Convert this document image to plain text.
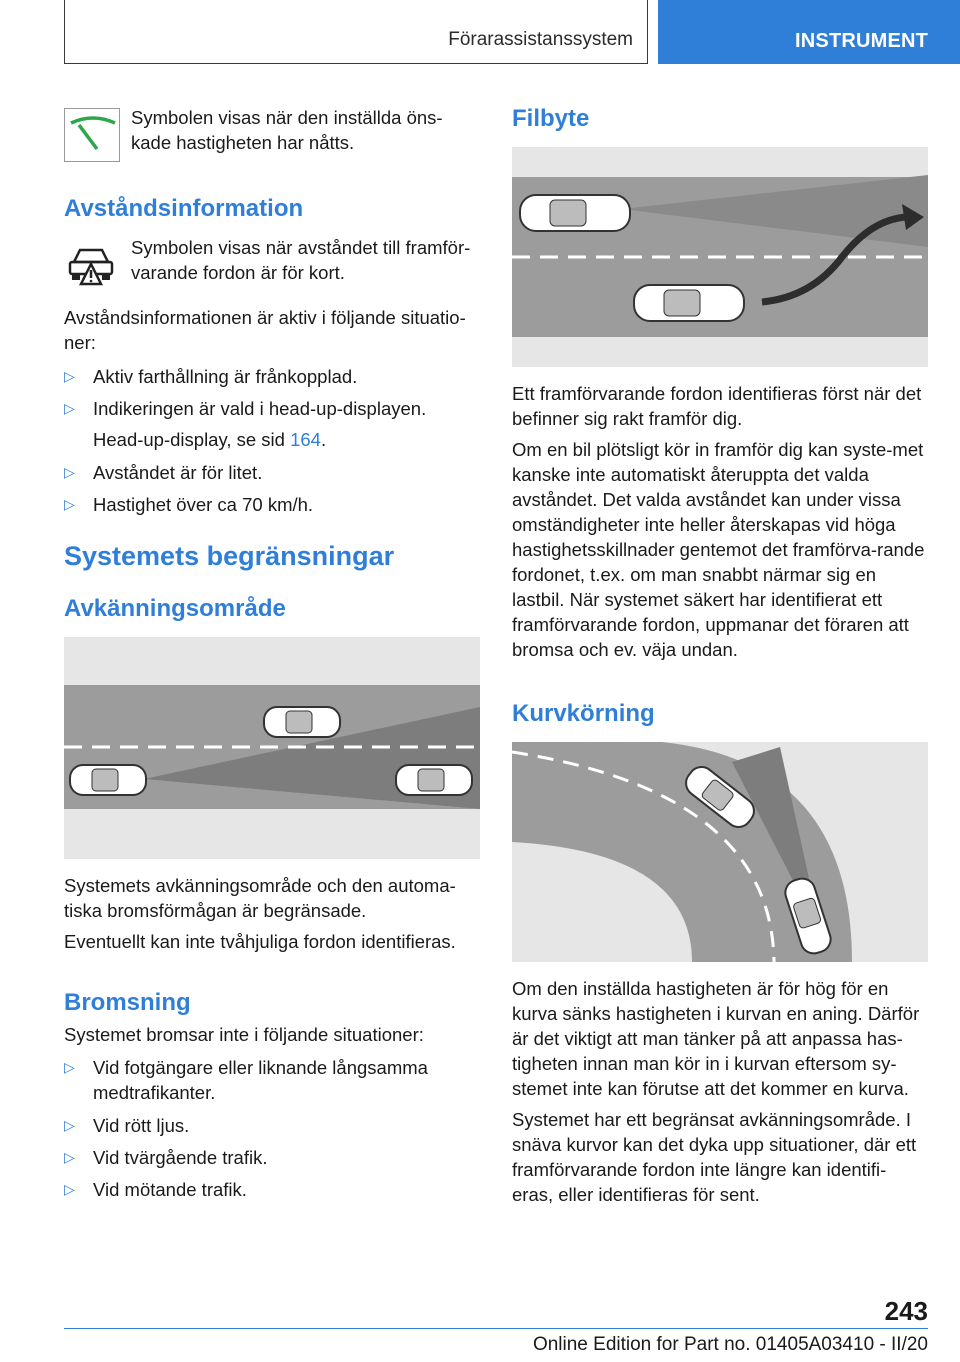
Förarassistanssystem	INSTRUMENT

Symbolen visas när den inställda öns-kade hastigheten har nåtts.

Avståndsinformation

Symbolen visas när avståndet till framför-varande fordon är för kort.

Avståndsinformationen är aktiv i följande situatio-ner:

▷ Aktiv farthållning är frånkopplad.
▷ Indikeringen är vald i head-up-displayen.

Head-up-display, se sid 164.

▷ Avståndet är för litet.
▷ Hastighet över ca 70 km/h.
Systemets begränsningar
Avkänningsområde

Systemets avkänningsområde och den automa-tiska bromsförmågan är begränsade.

Eventuellt kan inte tvåhjuliga fordon identifieras.

Bromsning

Systemet bromsar inte i följande situationer:

▷ Vid fotgängare eller liknande långsamma medtrafikanter.
▷ Vid rött ljus.
▷ Vid tvärgående trafik.
▷ Vid mötande trafik.
Filbyte

Ett framförvarande fordon identifieras först när det befinner sig rakt framför dig.

Om en bil plötsligt kör in framför dig kan syste-met kanske inte automatiskt återuppta det valda avståndet. Det valda avståndet kan under vissa omständigheter inte heller återskapas vid höga hastighetsskillnader gentemot det framförva-rande fordonet, t.ex. om man snabbt närmar sig en lastbil. När systemet säkert har identifierat ett framförvarande fordon, uppmanar det föraren att bromsa och ev. väja undan.

Kurvkörning

Om den inställda hastigheten är för hög för en kurva sänks hastigheten i kurvan en aning. Därför är det viktigt att man tänker på att anpassa has-tigheten innan man kör in i kurvan eftersom sy-stemet inte kan förutse att det kommer en kurva.

Systemet har ett begränsat avkänningsområde. I snäva kurvor kan det dyka upp situationer, där ett framförvarande fordon inte längre kan identifi-eras, eller identifieras för sent.

243
Online Edition for Part no. 01405A03410 - II/20
